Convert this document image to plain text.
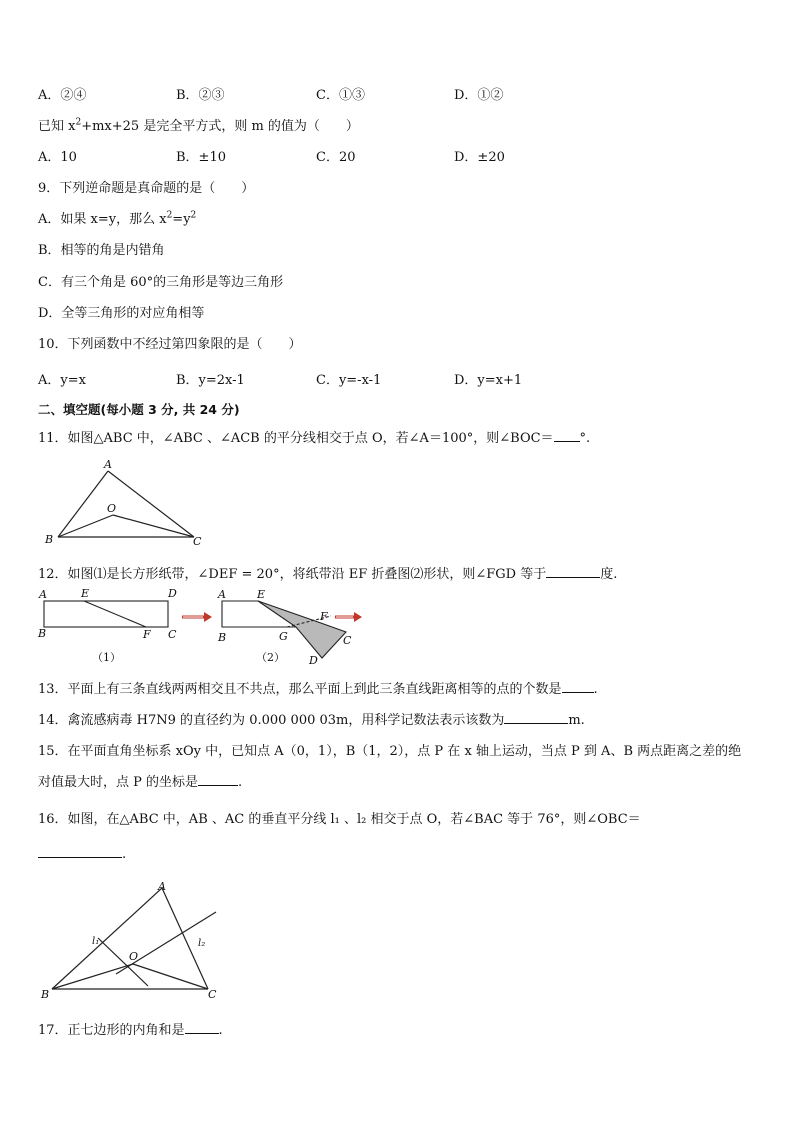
A．②④	B．②③	C．①③	D．①②
已知 $x^2+mx+25$ 是完全平方式，则 m 的值为（　　）
A．10	B．±10	C．20	D．±20
9．下列逆命题是真命题的是（　　）
A．如果 x=y，那么 $x^2=y^2$
B．相等的角是内错角
C．有三个角是 60°的三角形是等边三角形
D．全等三角形的对应角相等
10．下列函数中不经过第四象限的是（　　）
A．y=x	B．y=2x-1	C．y=-x-1	D．y=x+1
二、填空题(每小题 3 分, 共 24 分)
11．如图△ABC 中，∠ABC 、∠ACB 的平分线相交于点 O，若∠A＝100°，则∠BOC＝ °.
A
B	C
O
12．如图⑴是长方形纸带，∠DEF = 20°，将纸带沿 EF 折叠图⑵形状，则∠FGD 等于	度.
A	E	D
B	F C
（1）
A	E
F
B	G	C
D
（2）
13．平面上有三条直线两两相交且不共点，那么平面上到此三条直线距离相等的点的个数是 .
14．禽流感病毒 H7N9 的直径约为 0.000 000 03m，用科学记数法表示该数为	m.
15．在平面直角坐标系 xOy 中，已知点 A（0，1），B（1，2），点 P 在 x 轴上运动，当点 P 到 A、B 两点距离之差的绝
对值最大时，点 P 的坐标是	.
16．如图，在△ABC 中，AB 、AC 的垂直平分线 l₁ 、l₂ 相交于点 O，若∠BAC 等于 76°，则∠OBC＝
.
A
B	C
O
l₁	l₂
17．正七边形的内角和是	.
